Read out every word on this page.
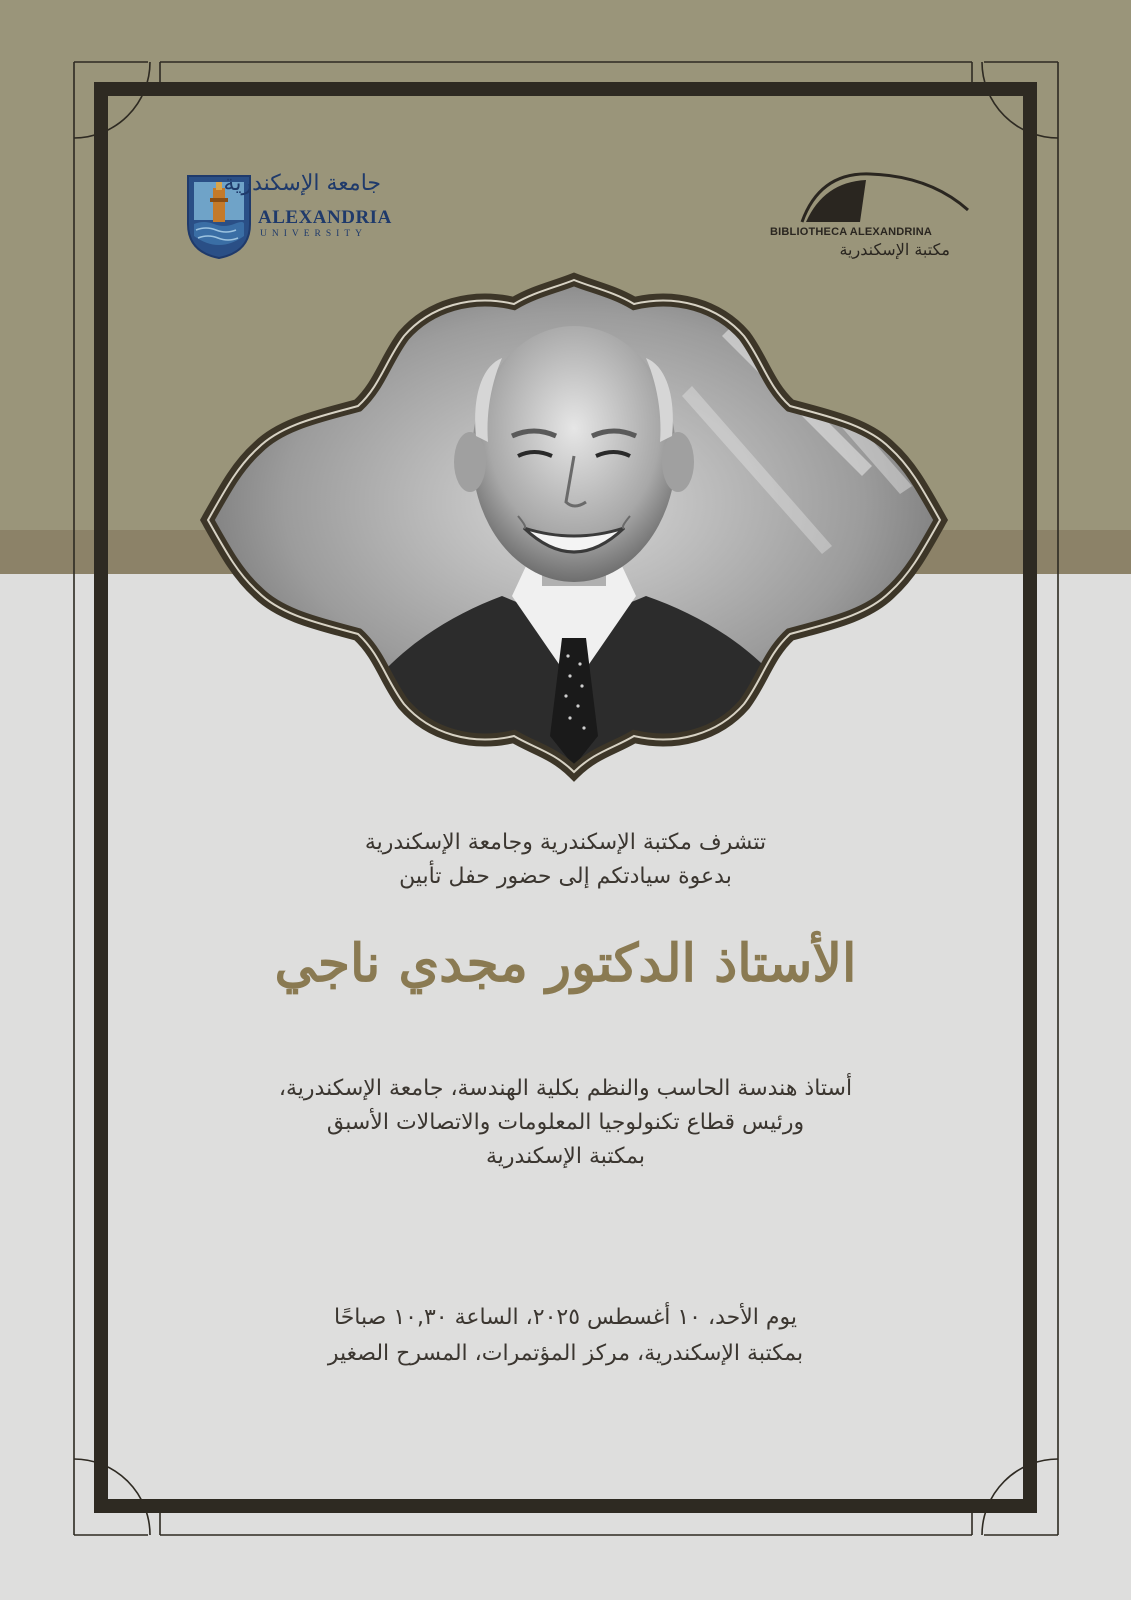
جامعة الإسكندرية
ALEXANDRIA
UNIVERSITY	BIBLIOTHECA ALEXANDRINA
مكتبة الإسكندرية
تتشرف مكتبة الإسكندرية وجامعة الإسكندرية
بدعوة سيادتكم إلى حضور حفل تأبين
الأستاذ الدكتور مجدي ناجي
أستاذ هندسة الحاسب والنظم بكلية الهندسة، جامعة الإسكندرية،
ورئيس قطاع تكنولوجيا المعلومات والاتصالات الأسبق
بمكتبة الإسكندرية
يوم الأحد، ١٠ أغسطس ٢٠٢٥، الساعة ١٠,٣٠ صباحًا
بمكتبة الإسكندرية، مركز المؤتمرات، المسرح الصغير
